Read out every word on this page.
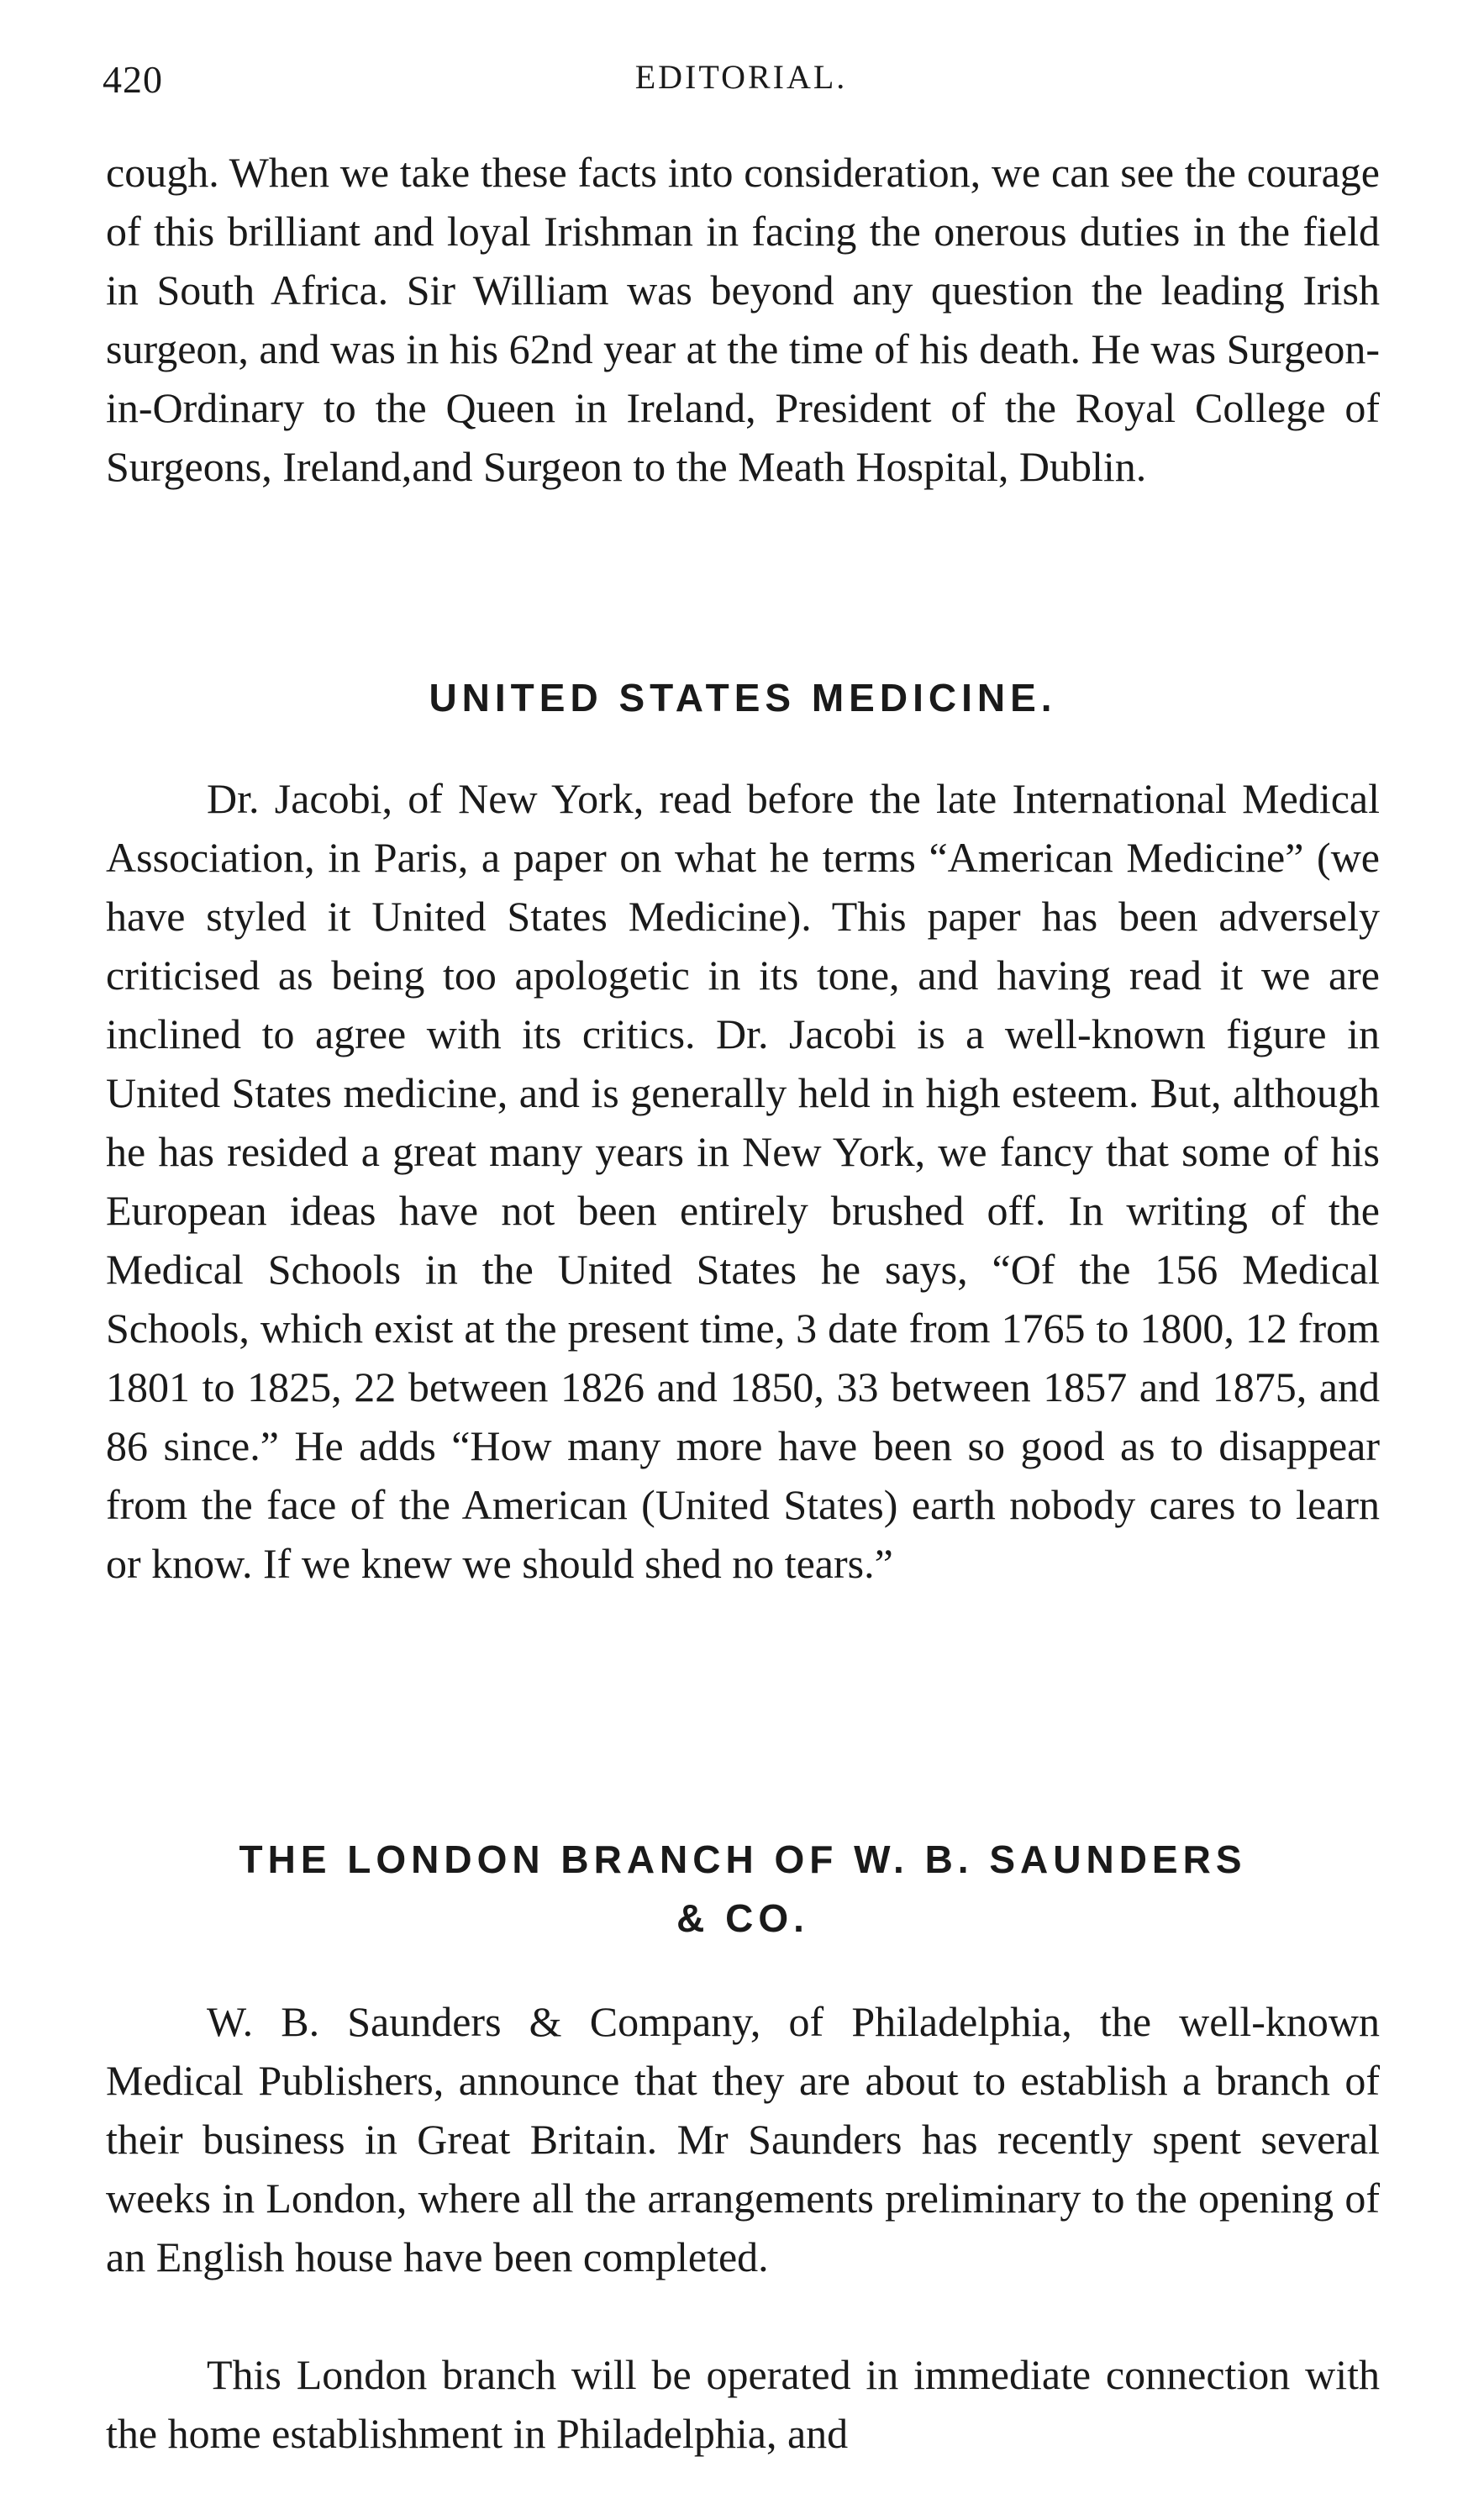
420	EDITORIAL.

cough. When we take these facts into consideration, we can see the courage of this brilliant and loyal Irishman in facing the onerous duties in the field in South Africa. Sir William was beyond any question the leading Irish surgeon, and was in his 62nd year at the time of his death. He was Surgeon-in-Ordinary to the Queen in Ireland, President of the Royal College of Surgeons, Ireland,and Surgeon to the Meath Hospital, Dublin.

UNITED STATES MEDICINE.

Dr. Jacobi, of New York, read before the late International Medical Association, in Paris, a paper on what he terms “American Medicine” (we have styled it United States Medicine). This paper has been adversely criticised as being too apologetic in its tone, and having read it we are inclined to agree with its critics. Dr. Jacobi is a well-known figure in United States medicine, and is generally held in high esteem. But, although he has resided a great many years in New York, we fancy that some of his European ideas have not been entirely brushed off. In writing of the Medical Schools in the United States he says, “Of the 156 Medical Schools, which exist at the present time, 3 date from 1765 to 1800, 12 from 1801 to 1825, 22 between 1826 and 1850, 33 between 1857 and 1875, and 86 since.” He adds “How many more have been so good as to disappear from the face of the American (United States) earth nobody cares to learn or know. If we knew we should shed no tears.”

THE LONDON BRANCH OF W. B. SAUNDERS
& CO.

W. B. Saunders & Company, of Philadelphia, the well-known Medical Publishers, announce that they are about to establish a branch of their business in Great Britain. Mr Saunders has recently spent several weeks in London, where all the arrangements preliminary to the opening of an English house have been completed.

This London branch will be operated in immediate connection with the home establishment in Philadelphia, and
